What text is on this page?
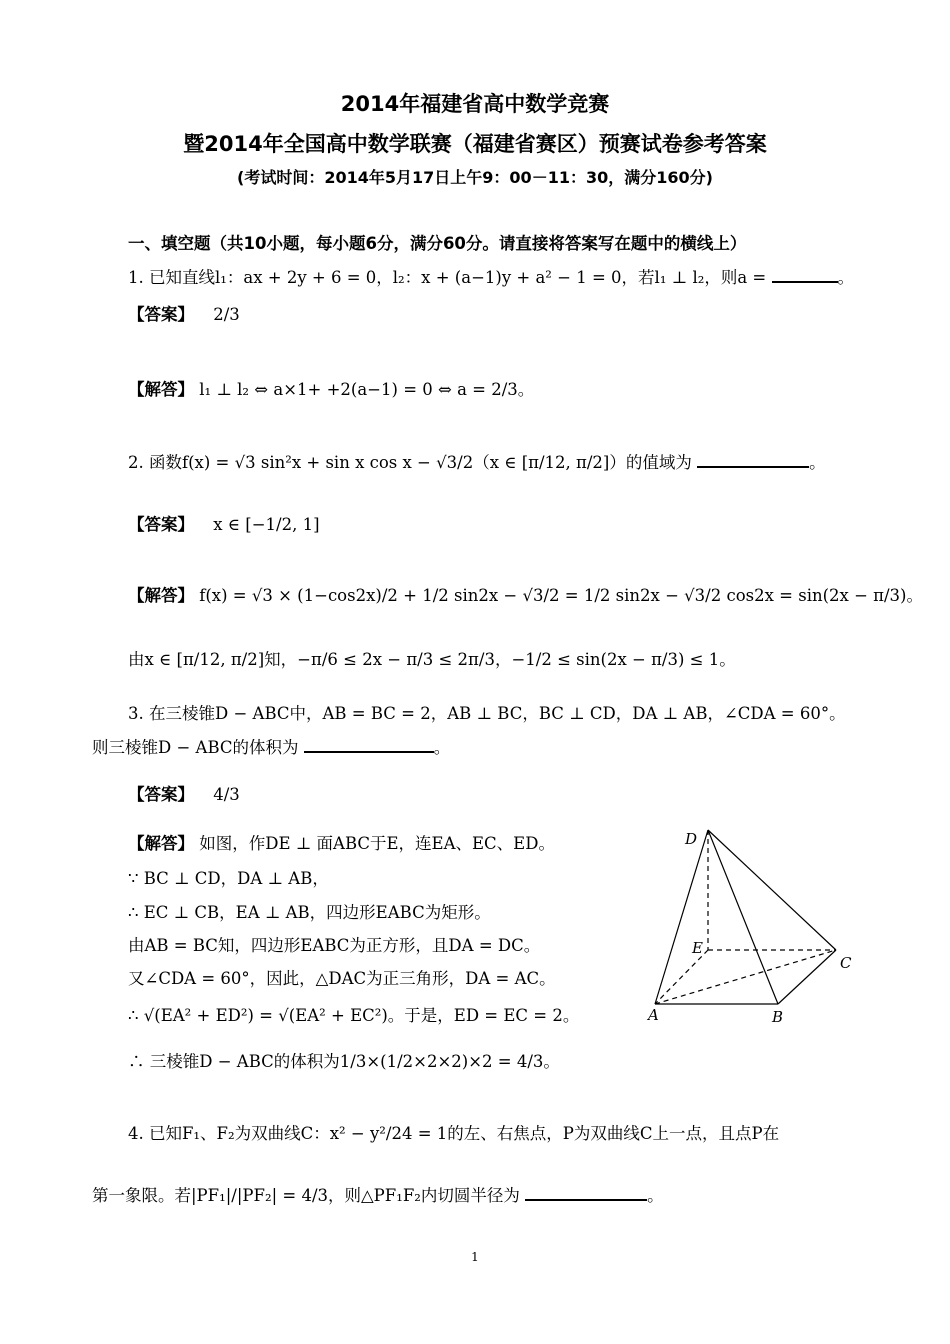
2014年福建省高中数学竞赛
暨2014年全国高中数学联赛（福建省赛区）预赛试卷参考答案
(考试时间：2014年5月17日上午9：00－11：30，满分160分)
一、填空题（共10小题，每小题6分，满分60分。请直接将答案写在题中的横线上）
1. 已知直线l₁：ax + 2y + 6 = 0，l₂：x + (a−1)y + a² − 1 = 0，若l₁ ⊥ l₂，则a =	。
【答案】 2/3
【解答】 l₁ ⊥ l₂ ⇔ a×1+ +2(a−1) = 0 ⇔ a = 2/3。
2. 函数f(x) = √3 sin²x + sin x cos x − √3/2（x ∈ [π/12, π/2]）的值域为	。
【答案】 x ∈ [−1/2, 1]
【解答】 f(x) = √3 × (1−cos2x)/2 + 1/2 sin2x − √3/2 = 1/2 sin2x − √3/2 cos2x = sin(2x − π/3)。
由x ∈ [π/12, π/2]知，−π/6 ≤ 2x − π/3 ≤ 2π/3，−1/2 ≤ sin(2x − π/3) ≤ 1。
3. 在三棱锥D − ABC中，AB = BC = 2，AB ⊥ BC，BC ⊥ CD，DA ⊥ AB，∠CDA = 60°。
则三棱锥D − ABC的体积为	。
【答案】 4/3
【解答】 如图，作DE ⊥ 面ABC于E，连EA、EC、ED。
∵ BC ⊥ CD，DA ⊥ AB，
∴ EC ⊥ CB，EA ⊥ AB，四边形EABC为矩形。
由AB = BC知，四边形EABC为正方形，且DA = DC。
又∠CDA = 60°，因此，△DAC为正三角形，DA = AC。
∴ √(EA² + ED²) = √(EA² + EC²)。于是，ED = EC = 2。
∴ 三棱锥D − ABC的体积为1/3×(1/2×2×2)×2 = 4/3。
D
E
C
A	B
4. 已知F₁、F₂为双曲线C：x² − y²/24 = 1的左、右焦点，P为双曲线C上一点，且点P在
第一象限。若|PF₁|/|PF₂| = 4/3，则△PF₁F₂内切圆半径为	。
1
